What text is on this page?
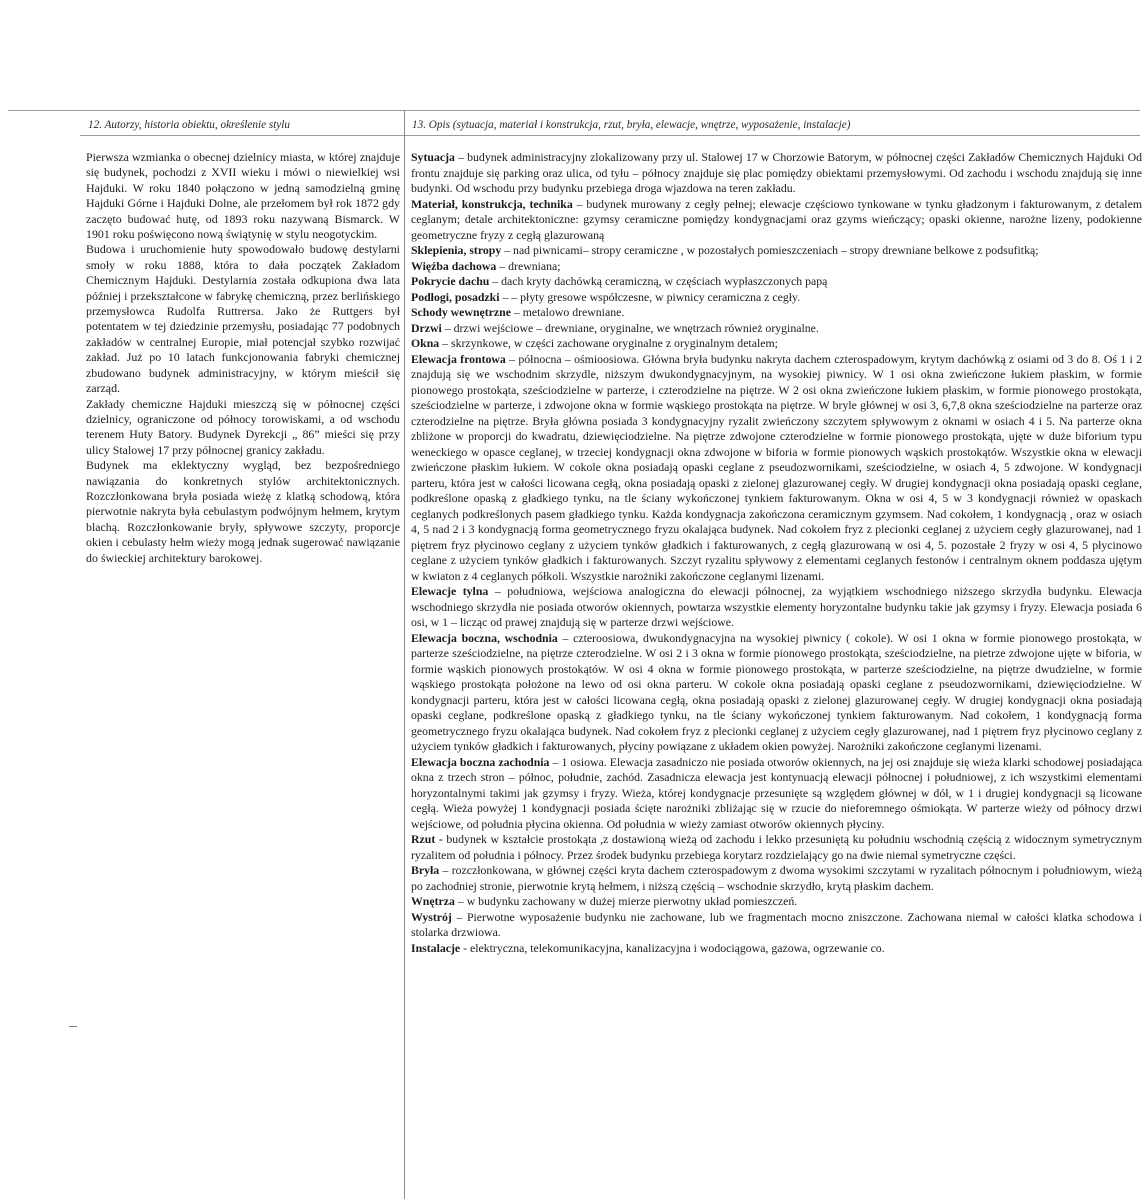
12. Autorzy, historia obiektu, określenie stylu	13. Opis (sytuacja, materiał i konstrukcja, rzut, bryła, elewacje, wnętrze, wyposażenie, instalacje)

Pierwsza wzmianka o obecnej dzielnicy miasta, w której znajduje się budynek, pochodzi z XVII wieku i mówi o niewielkiej wsi Hajduki. W roku 1840 połączono w jedną samodzielną gminę Hajduki Górne i Hajduki Dolne, ale przełomem był rok 1872 gdy zaczęto budować hutę, od 1893 roku nazywaną Bismarck. W 1901 roku poświęcono nową świątynię w stylu neogotyckim.

Budowa i uruchomienie huty spowodowało budowę destylarni smoły w roku 1888, która to dała początek Zakładom Chemicznym Hajduki. Destylarnia została odkupiona dwa lata później i przekształcone w fabrykę chemiczną, przez berlińskiego przemysłowca Rudolfa Ruttrersa. Jako że Ruttgers był potentatem w tej dziedzinie przemysłu, posiadając 77 podobnych zakładów w centralnej Europie, miał potencjał szybko rozwijać zakład. Już po 10 latach funkcjonowania fabryki chemicznej zbudowano budynek administracyjny, w którym mieścił się zarząd.

Zakłady chemiczne Hajduki mieszczą się w północnej części dzielnicy, ograniczone od północy torowiskami, a od wschodu terenem Huty Batory. Budynek Dyrekcji „ 86” mieści się przy ulicy Stalowej 17 przy północnej granicy zakładu.

Budynek ma eklektyczny wygląd, bez bezpośredniego nawiązania do konkretnych stylów architektonicznych. Rozczłonkowana bryła posiada wieżę z klatką schodową, która pierwotnie nakryta była cebulastym podwójnym hełmem, krytym blachą. Rozczłonkowanie bryły, spływowe szczyty, proporcje okien i cebulasty hełm wieży mogą jednak sugerować nawiązanie do świeckiej architektury barokowej.

Sytuacja – budynek administracyjny zlokalizowany przy ul. Stalowej 17 w Chorzowie Batorym, w północnej części Zakładów Chemicznych Hajduki Od frontu znajduje się parking oraz ulica, od tyłu – północy znajduje się plac pomiędzy obiektami przemysłowymi. Od zachodu i wschodu znajdują się inne budynki. Od wschodu przy budynku przebiega droga wjazdowa na teren zakładu.

Materiał, konstrukcja, technika – budynek murowany z cegły pełnej; elewacje częściowo tynkowane w tynku gładzonym i fakturowanym, z detalem ceglanym; detale architektoniczne: gzymsy ceramiczne pomiędzy kondygnacjami oraz gzyms wieńczący; opaski okienne, narożne lizeny, podokienne geometryczne fryzy z cegłą glazurowaną

Sklepienia, stropy – nad piwnicami– stropy ceramiczne , w pozostałych pomieszczeniach – stropy drewniane belkowe z podsufitką;

Więźba dachowa – drewniana;

Pokrycie dachu – dach kryty dachówką ceramiczną, w częściach wypłaszczonych papą

Podłogi, posadzki – – płyty gresowe współczesne, w piwnicy ceramiczna z cegły.

Schody wewnętrzne – metalowo drewniane.

Drzwi – drzwi wejściowe – drewniane, oryginalne, we wnętrzach również oryginalne.

Okna – skrzynkowe, w części zachowane oryginalne z oryginalnym detalem;

Elewacja frontowa – północna – ośmioosiowa. Główna bryła budynku nakryta dachem czterospadowym, krytym dachówką z osiami od 3 do 8. Oś 1 i 2 znajdują się we wschodnim skrzydle, niższym dwukondygnacyjnym, na wysokiej piwnicy. W 1 osi okna zwieńczone łukiem płaskim, w formie pionowego prostokąta, sześciodzielne w parterze, i czterodzielne na piętrze. W 2 osi okna zwieńczone łukiem płaskim, w formie pionowego prostokąta, sześciodzielne w parterze, i zdwojone okna w formie wąskiego prostokąta na piętrze. W bryle głównej w osi 3, 6,7,8 okna sześciodzielne na parterze oraz czterodzielne na piętrze. Bryła główna posiada 3 kondygnacyjny ryzalit zwieńczony szczytem spływowym z oknami w osiach 4 i 5. Na parterze okna zbliżone w proporcji do kwadratu, dziewięciodzielne. Na piętrze zdwojone czterodzielne w formie pionowego prostokąta, ujęte w duże biforium typu weneckiego w opasce ceglanej, w trzeciej kondygnacji okna zdwojone w biforia w formie pionowych wąskich prostokątów. Wszystkie okna w elewacji zwieńczone płaskim łukiem. W cokole okna posiadają opaski ceglane z pseudozwornikami, sześciodzielne, w osiach 4, 5 zdwojone. W kondygnacji parteru, która jest w całości licowana cegłą, okna posiadają opaski z zielonej glazurowanej cegły. W drugiej kondygnacji okna posiadają opaski ceglane, podkreślone opaską z gładkiego tynku, na tle ściany wykończonej tynkiem fakturowanym. Okna w osi 4, 5 w 3 kondygnacji również w opaskach ceglanych podkreślonych pasem gładkiego tynku. Każda kondygnacja zakończona ceramicznym gzymsem. Nad cokołem, 1 kondygnacją , oraz w osiach 4, 5 nad 2 i 3 kondygnacją forma geometrycznego fryzu okalająca budynek. Nad cokołem fryz z plecionki ceglanej z użyciem cegły glazurowanej, nad 1 piętrem fryz płycinowo ceglany z użyciem tynków gładkich i fakturowanych, z cegłą glazurowaną w osi 4, 5. pozostałe 2 fryzy w osi 4, 5 płycinowo ceglane z użyciem tynków gładkich i fakturowanych. Szczyt ryzalitu spływowy z elementami ceglanych festonów i centralnym oknem poddasza ujętym w kwiaton z 4 ceglanych półkoli. Wszystkie narożniki zakończone ceglanymi lizenami.

Elewacje tylna – południowa, wejściowa analogiczna do elewacji północnej, za wyjątkiem wschodniego niższego skrzydła budynku. Elewacja wschodniego skrzydła nie posiada otworów okiennych, powtarza wszystkie elementy horyzontalne budynku takie jak gzymsy i fryzy. Elewacja posiada 6 osi, w 1 – licząc od prawej znajdują się w parterze drzwi wejściowe.

Elewacja boczna, wschodnia – czteroosiowa, dwukondygnacyjna na wysokiej piwnicy ( cokole). W osi 1 okna w formie pionowego prostokąta, w parterze sześciodzielne, na piętrze czterodzielne. W osi 2 i 3 okna w formie pionowego prostokąta, sześciodzielne, na pietrze zdwojone ujęte w biforia, w formie wąskich pionowych prostokątów. W osi 4 okna w formie pionowego prostokąta, w parterze sześciodzielne, na piętrze dwudzielne, w formie wąskiego prostokąta położone na lewo od osi okna parteru. W cokole okna posiadają opaski ceglane z pseudozwornikami, dziewięciodzielne. W kondygnacji parteru, która jest w całości licowana cegłą, okna posiadają opaski z zielonej glazurowanej cegły. W drugiej kondygnacji okna posiadają opaski ceglane, podkreślone opaską z gładkiego tynku, na tle ściany wykończonej tynkiem fakturowanym. Nad cokołem, 1 kondygnacją forma geometrycznego fryzu okalająca budynek. Nad cokołem fryz z plecionki ceglanej z użyciem cegły glazurowanej, nad 1 piętrem fryz płycinowo ceglany z użyciem tynków gładkich i fakturowanych, płyciny powiązane z układem okien powyżej. Narożniki zakończone ceglanymi lizenami.

Elewacja boczna zachodnia – 1 osiowa. Elewacja zasadniczo nie posiada otworów okiennych, na jej osi znajduje się wieża klarki schodowej posiadająca okna z trzech stron – północ, południe, zachód. Zasadnicza elewacja jest kontynuacją elewacji północnej i południowej, z ich wszystkimi elementami horyzontalnymi takimi jak gzymsy i fryzy. Wieża, której kondygnacje przesunięte są względem głównej w dół, w 1 i drugiej kondygnacji są licowane cegłą. Wieża powyżej 1 kondygnacji posiada ścięte narożniki zbliżając się w rzucie do nieforemnego ośmiokąta. W parterze wieży od północy drzwi wejściowe, od południa płycina okienna. Od południa w wieży zamiast otworów okiennych płyciny.

Rzut - budynek w kształcie prostokąta ,z dostawioną wieżą od zachodu i lekko przesuniętą ku południu wschodnią częścią z widocznym symetrycznym ryzalitem od południa i północy. Przez środek budynku przebiega korytarz rozdzielający go na dwie niemal symetryczne części.

Bryła – rozczłonkowana, w głównej części kryta dachem czterospadowym z dwoma wysokimi szczytami w ryzalitach północnym i południowym, wieżą po zachodniej stronie, pierwotnie krytą hełmem, i niższą częścią – wschodnie skrzydło, krytą płaskim dachem.

Wnętrza – w budynku zachowany w dużej mierze pierwotny układ pomieszczeń.

Wystrój – Pierwotne wyposażenie budynku nie zachowane, lub we fragmentach mocno zniszczone. Zachowana niemal w całości klatka schodowa i stolarka drzwiowa.

Instalacje - elektryczna, telekomunikacyjna, kanalizacyjna i wodociągowa, gazowa, ogrzewanie co.
